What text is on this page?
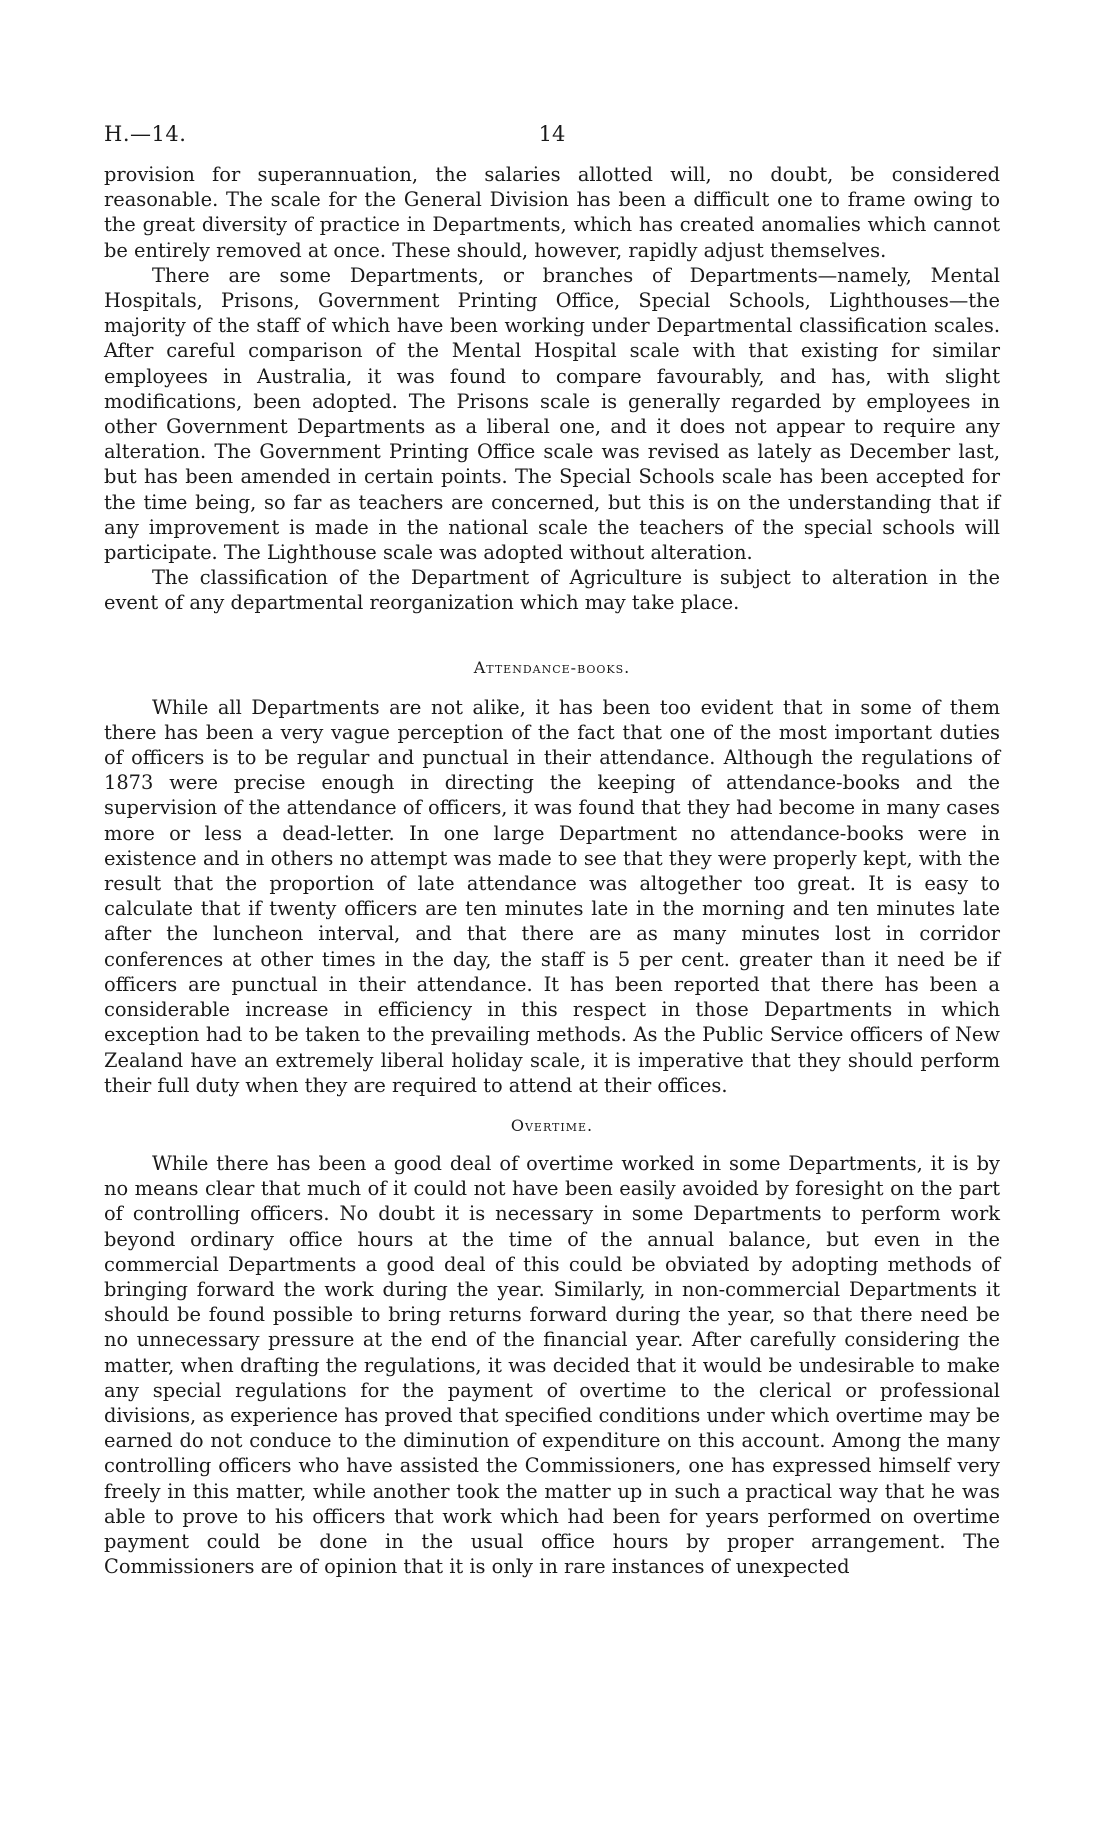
H.—14.	14

provision for superannuation, the salaries allotted will, no doubt, be considered reasonable. The scale for the General Division has been a difficult one to frame owing to the great diversity of practice in Departments, which has created anomalies which cannot be entirely removed at once. These should, however, rapidly adjust themselves.

There are some Departments, or branches of Departments—namely, Mental Hospitals, Prisons, Government Printing Office, Special Schools, Lighthouses—the majority of the staff of which have been working under Departmental classification scales. After careful comparison of the Mental Hospital scale with that existing for similar employees in Australia, it was found to compare favourably, and has, with slight modifications, been adopted. The Prisons scale is generally regarded by employees in other Government Departments as a liberal one, and it does not appear to require any alteration. The Government Printing Office scale was revised as lately as December last, but has been amended in certain points. The Special Schools scale has been accepted for the time being, so far as teachers are concerned, but this is on the understanding that if any improvement is made in the national scale the teachers of the special schools will participate. The Lighthouse scale was adopted without alteration.

The classification of the Department of Agriculture is subject to alteration in the event of any departmental reorganization which may take place.

Attendance-books.

While all Departments are not alike, it has been too evident that in some of them there has been a very vague perception of the fact that one of the most important duties of officers is to be regular and punctual in their attendance. Although the regulations of 1873 were precise enough in directing the keeping of attendance-books and the supervision of the attendance of officers, it was found that they had become in many cases more or less a dead-letter. In one large Department no attendance-books were in existence and in others no attempt was made to see that they were properly kept, with the result that the proportion of late attendance was altogether too great. It is easy to calculate that if twenty officers are ten minutes late in the morning and ten minutes late after the luncheon interval, and that there are as many minutes lost in corridor conferences at other times in the day, the staff is 5 per cent. greater than it need be if officers are punctual in their attendance. It has been reported that there has been a considerable increase in efficiency in this respect in those Departments in which exception had to be taken to the prevailing methods. As the Public Service officers of New Zealand have an extremely liberal holiday scale, it is imperative that they should perform their full duty when they are required to attend at their offices.

Overtime.

While there has been a good deal of overtime worked in some Departments, it is by no means clear that much of it could not have been easily avoided by foresight on the part of controlling officers. No doubt it is necessary in some Departments to perform work beyond ordinary office hours at the time of the annual balance, but even in the commercial Departments a good deal of this could be obviated by adopting methods of bringing forward the work during the year. Similarly, in non-commercial Departments it should be found possible to bring returns forward during the year, so that there need be no unnecessary pressure at the end of the financial year. After carefully considering the matter, when drafting the regulations, it was decided that it would be undesirable to make any special regulations for the payment of overtime to the clerical or professional divisions, as experience has proved that specified conditions under which overtime may be earned do not conduce to the diminution of expenditure on this account. Among the many controlling officers who have assisted the Commissioners, one has expressed himself very freely in this matter, while another took the matter up in such a practical way that he was able to prove to his officers that work which had been for years performed on overtime payment could be done in the usual office hours by proper arrangement. The Commissioners are of opinion that it is only in rare instances of unexpected
